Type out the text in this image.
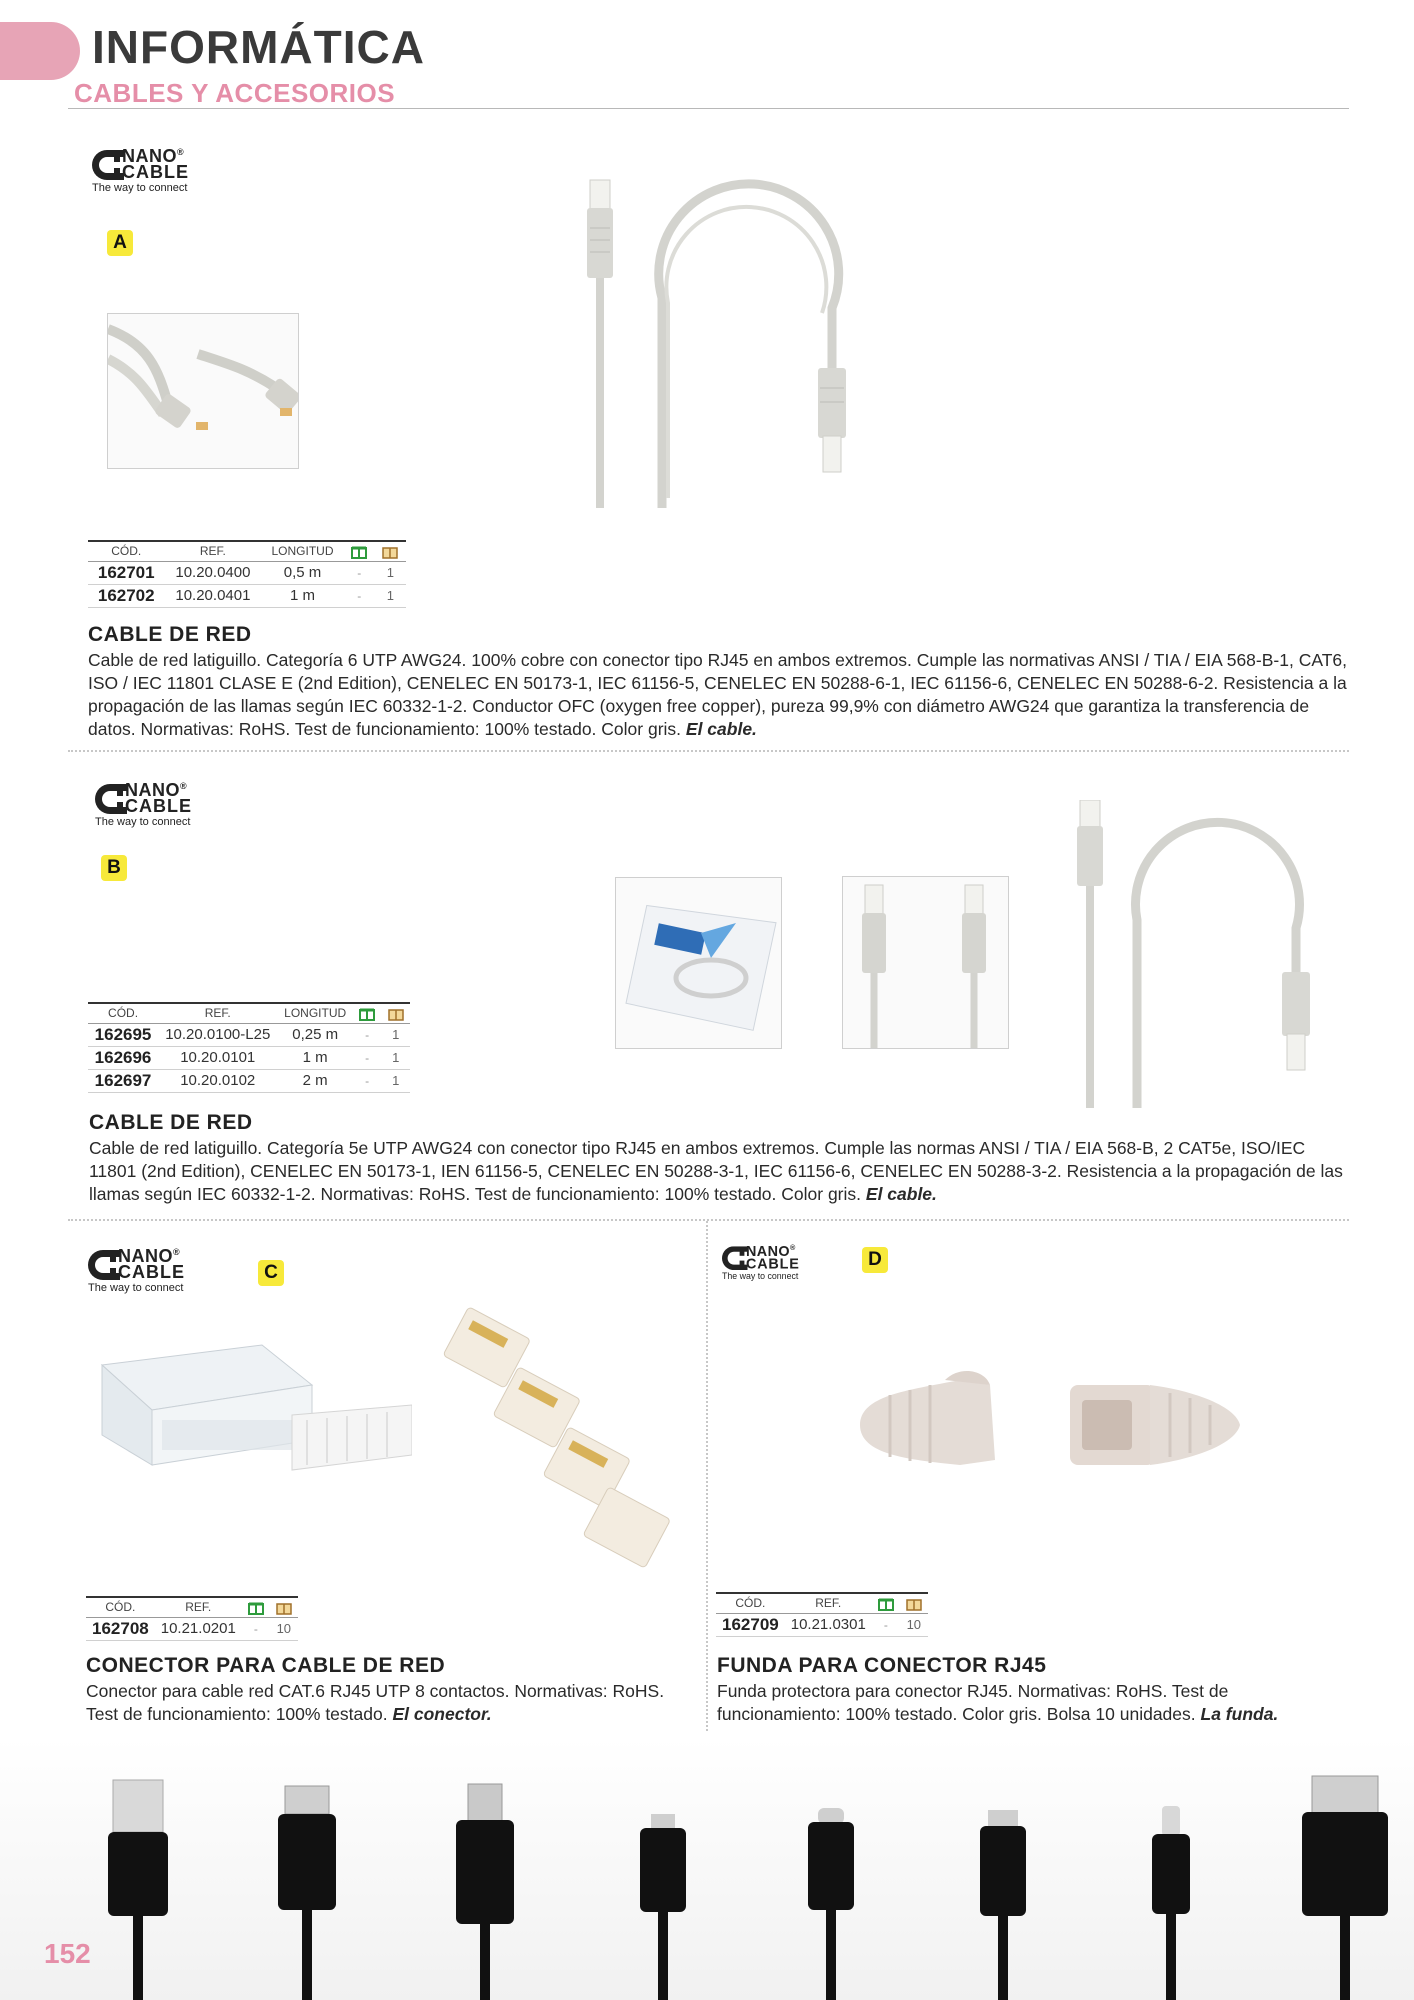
INFORMÁTICA
CABLES Y ACCESORIOS
NANO®
CABLE
The way to connect
A
CÓD.	REF.	LONGITUD		
162701	10.20.0400	0,5 m	-	1
162702	10.20.0401	1 m	-	1
CABLE DE RED
Cable de red latiguillo. Categoría 6 UTP AWG24. 100% cobre con conector tipo RJ45 en ambos extremos. Cumple las normativas ANSI / TIA / EIA 568-B-1, CAT6, ISO / IEC 11801 CLASE E (2nd Edition), CENELEC EN 50173-1, IEC 61156-5, CENELEC EN 50288-6-1, IEC 61156-6, CENELEC EN 50288-6-2. Resistencia a la propagación de las llamas según IEC 60332-1-2. Conductor OFC (oxygen free copper), pureza 99,9% con diámetro AWG24 que garantiza la transferencia de datos. Normativas: RoHS. Test de funcionamiento: 100% testado. Color gris. El cable.
NANO®
CABLE
The way to connect
B
CÓD.	REF.	LONGITUD		
162695	10.20.0100-L25	0,25 m	-	1
162696	10.20.0101	1 m	-	1
162697	10.20.0102	2 m	-	1
CABLE DE RED
Cable de red latiguillo. Categoría 5e UTP AWG24 con conector tipo RJ45 en ambos extremos. Cumple las normas ANSI / TIA / EIA 568-B, 2 CAT5e, ISO/IEC 11801 (2nd Edition), CENELEC EN 50173-1, IEN 61156-5, CENELEC EN 50288-3-1, IEC 61156-6, CENELEC EN 50288-3-2. Resistencia a la propagación de las llamas según IEC 60332-1-2. Normativas: RoHS. Test de funcionamiento: 100% testado. Color gris. El cable.
NANO®
CABLE
The way to connect
C
CÓD.	REF.		
162708	10.21.0201	-	10
CONECTOR PARA CABLE DE RED
Conector para cable red CAT.6 RJ45 UTP 8 contactos. Normativas: RoHS. Test de funcionamiento: 100% testado. El conector.
NANO®
CABLE
The way to connect
D
CÓD.	REF.		
162709	10.21.0301	-	10
FUNDA PARA CONECTOR RJ45
Funda protectora para conector RJ45. Normativas: RoHS. Test de funcionamiento: 100% testado. Color gris. Bolsa 10 unidades. La funda.
152
